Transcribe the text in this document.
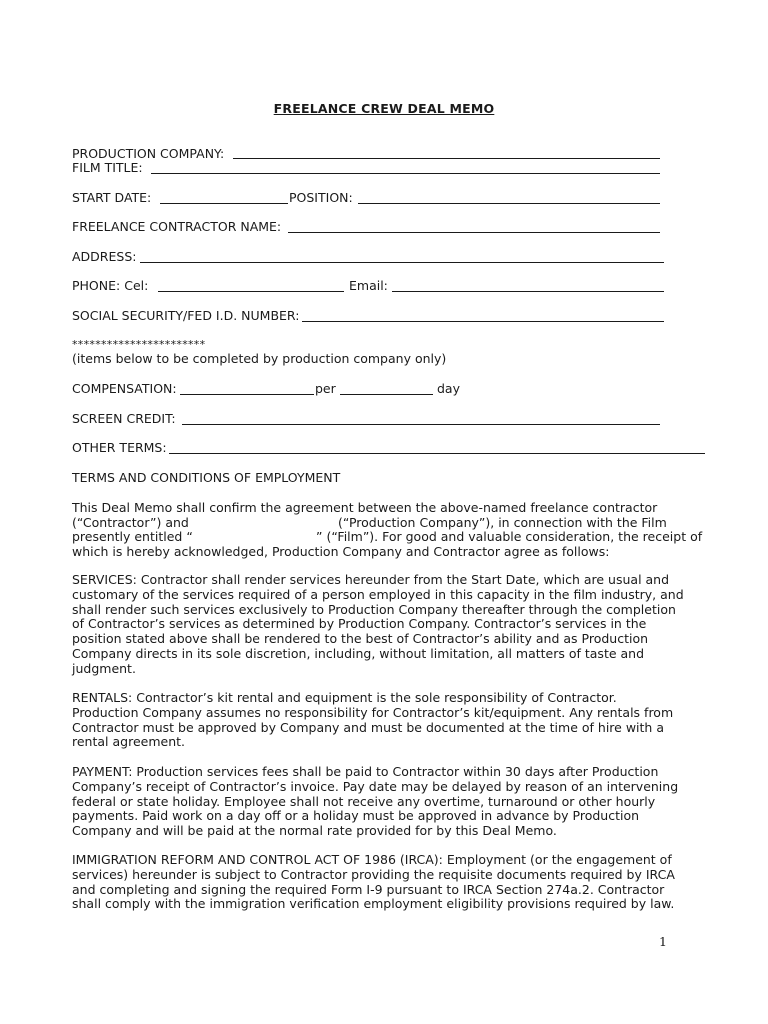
FREELANCE CREW DEAL MEMO
PRODUCTION COMPANY:
FILM TITLE:
START DATE:	POSITION:
FREELANCE CONTRACTOR NAME:
ADDRESS:
PHONE: Cel:	Email:
SOCIAL SECURITY/FED I.D. NUMBER:
***********************
(items below to be completed by production company only)
COMPENSATION:	per	day
SCREEN CREDIT:
OTHER TERMS:
TERMS AND CONDITIONS OF EMPLOYMENT
This Deal Memo shall confirm the agreement between the above-named freelance contractor
(“Contractor”) and	(“Production Company”), in connection with the Film
presently entitled “	” (“Film”). For good and valuable consideration, the receipt of
which is hereby acknowledged, Production Company and Contractor agree as follows:

SERVICES: Contractor shall render services hereunder from the Start Date, which are usual and

customary of the services required of a person employed in this capacity in the film industry, and

shall render such services exclusively to Production Company thereafter through the completion

of Contractor’s services as determined by Production Company. Contractor’s services in the

position stated above shall be rendered to the best of Contractor’s ability and as Production

Company directs in its sole discretion, including, without limitation, all matters of taste and

judgment.

RENTALS: Contractor’s kit rental and equipment is the sole responsibility of Contractor.

Production Company assumes no responsibility for Contractor’s kit/equipment. Any rentals from

Contractor must be approved by Company and must be documented at the time of hire with a

rental agreement.

PAYMENT: Production services fees shall be paid to Contractor within 30 days after Production

Company’s receipt of Contractor’s invoice. Pay date may be delayed by reason of an intervening

federal or state holiday. Employee shall not receive any overtime, turnaround or other hourly

payments. Paid work on a day off or a holiday must be approved in advance by Production

Company and will be paid at the normal rate provided for by this Deal Memo.

IMMIGRATION REFORM AND CONTROL ACT OF 1986 (IRCA): Employment (or the engagement of

services) hereunder is subject to Contractor providing the requisite documents required by IRCA

and completing and signing the required Form I-9 pursuant to IRCA Section 274a.2. Contractor

shall comply with the immigration verification employment eligibility provisions required by law.

1
